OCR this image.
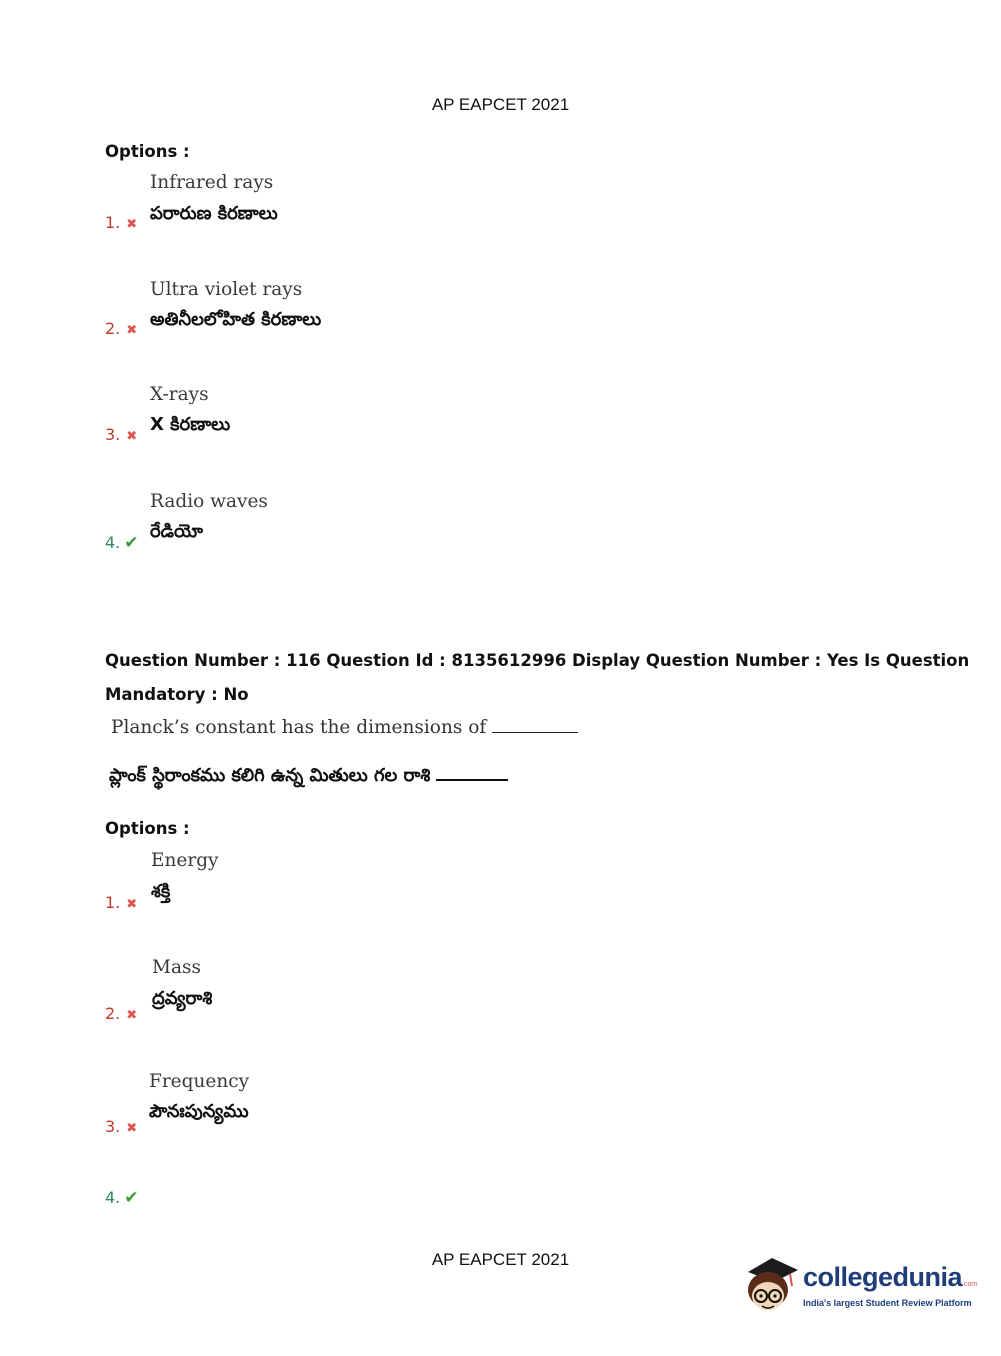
AP EAPCET 2021
Options :
Infrared rays
పరారుణ కిరణాలు
1. ✖
Ultra violet rays
అతినీలలోహిత కిరణాలు
2. ✖
X-rays
X కిరణాలు
3. ✖
Radio waves
రేడియో
4. ✔
Question Number : 116 Question Id : 8135612996 Display Question Number : Yes Is Question
Mandatory : No
Planck’s constant has the dimensions of
ప్లాంక్ స్థిరాంకము కలిగి ఉన్న మితులు గల రాశి
Options :
Energy
శక్తి
1. ✖
Mass
ద్రవ్యరాశి
2. ✖
Frequency
పౌనఃపున్యము
3. ✖
4. ✔
AP EAPCET 2021
collegedunia.com
India's largest Student Review Platform
